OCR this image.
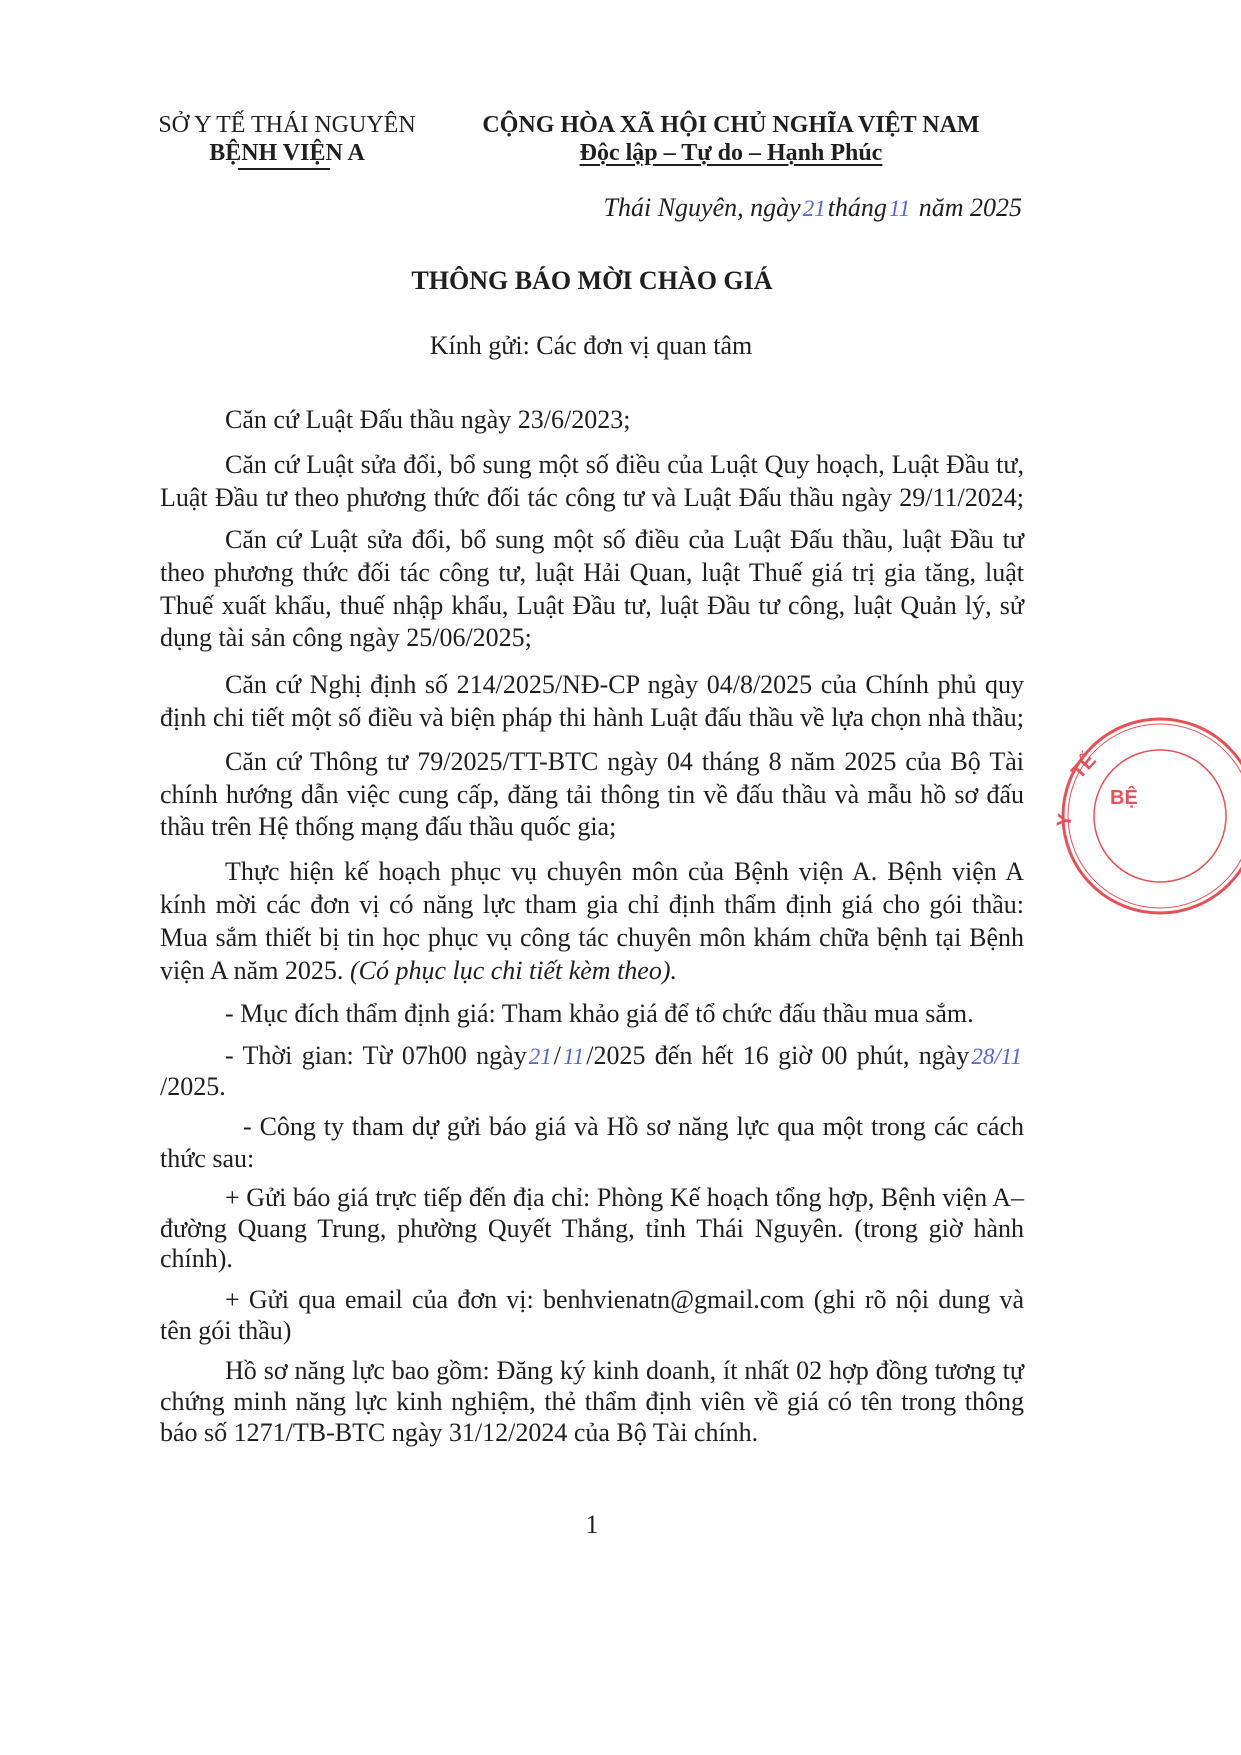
SỞ Y TẾ THÁI NGUYÊN
BỆNH VIỆN A
CỘNG HÒA XÃ HỘI CHỦ NGHĨA VIỆT NAM
Độc lập – Tự do – Hạnh Phúc
Thái Nguyên, ngày21tháng11 năm 2025
THÔNG BÁO MỜI CHÀO GIÁ
Kính gửi: Các đơn vị quan tâm
Căn cứ Luật Đấu thầu ngày 23/6/2023;
Căn cứ Luật sửa đổi, bổ sung một số điều của Luật Quy hoạch, Luật Đầu tư,
Luật Đầu tư theo phương thức đối tác công tư và Luật Đấu thầu ngày 29/11/2024;
Căn cứ Luật sửa đổi, bổ sung một số điều của Luật Đấu thầu, luật Đầu tư
theo phương thức đối tác công tư, luật Hải Quan, luật Thuế giá trị gia tăng, luật
Thuế xuất khẩu, thuế nhập khẩu, Luật Đầu tư, luật Đầu tư công, luật Quản lý, sử
dụng tài sản công ngày 25/06/2025;
Căn cứ Nghị định số 214/2025/NĐ-CP ngày 04/8/2025 của Chính phủ quy
định chi tiết một số điều và biện pháp thi hành Luật đấu thầu về lựa chọn nhà thầu;
Căn cứ Thông tư 79/2025/TT-BTC ngày 04 tháng 8 năm 2025 của Bộ Tài
chính hướng dẫn việc cung cấp, đăng tải thông tin về đấu thầu và mẫu hồ sơ đấu
thầu trên Hệ thống mạng đấu thầu quốc gia;
Thực hiện kế hoạch phục vụ chuyên môn của Bệnh viện A. Bệnh viện A
kính mời các đơn vị có năng lực tham gia chỉ định thẩm định giá cho gói thầu:
Mua sắm thiết bị tin học phục vụ công tác chuyên môn khám chữa bệnh tại Bệnh
viện A năm 2025. (Có phục lục chi tiết kèm theo).
- Mục đích thẩm định giá: Tham khảo giá để tổ chức đấu thầu mua sắm.
- Thời gian: Từ 07h00 ngày21/11/2025 đến hết 16 giờ 00 phút, ngày28/11
/2025.
- Công ty tham dự gửi báo giá và Hồ sơ năng lực qua một trong các cách
thức sau:
+ Gửi báo giá trực tiếp đến địa chỉ: Phòng Kế hoạch tổng hợp, Bệnh viện A–
đường Quang Trung, phường Quyết Thắng, tỉnh Thái Nguyên. (trong giờ hành
chính).
+ Gửi qua email của đơn vị: benhvienatn@gmail.com (ghi rõ nội dung và
tên gói thầu)
Hồ sơ năng lực bao gồm: Đăng ký kinh doanh, ít nhất 02 hợp đồng tương tự
chứng minh năng lực kinh nghiệm, thẻ thẩm định viên về giá có tên trong thông
báo số 1271/TB-BTC ngày 31/12/2024 của Bộ Tài chính.
1
TẾ
Y
BỆ
